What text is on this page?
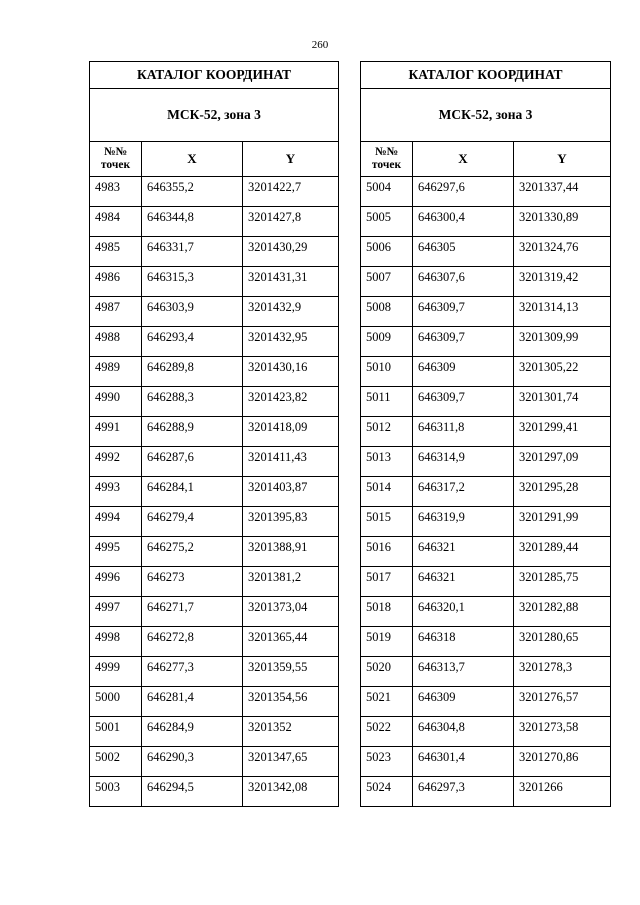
260
КАТАЛОГ КООРДИНАТ		
МСК-52, зона 3		
№№ точек	X	Y
4983	646355,2	3201422,7
4984	646344,8	3201427,8
4985	646331,7	3201430,29
4986	646315,3	3201431,31
4987	646303,9	3201432,9
4988	646293,4	3201432,95
4989	646289,8	3201430,16
4990	646288,3	3201423,82
4991	646288,9	3201418,09
4992	646287,6	3201411,43
4993	646284,1	3201403,87
4994	646279,4	3201395,83
4995	646275,2	3201388,91
4996	646273	3201381,2
4997	646271,7	3201373,04
4998	646272,8	3201365,44
4999	646277,3	3201359,55
5000	646281,4	3201354,56
5001	646284,9	3201352
5002	646290,3	3201347,65
5003	646294,5	3201342,08
КАТАЛОГ КООРДИНАТ		
МСК-52, зона 3		
№№ точек	X	Y
5004	646297,6	3201337,44
5005	646300,4	3201330,89
5006	646305	3201324,76
5007	646307,6	3201319,42
5008	646309,7	3201314,13
5009	646309,7	3201309,99
5010	646309	3201305,22
5011	646309,7	3201301,74
5012	646311,8	3201299,41
5013	646314,9	3201297,09
5014	646317,2	3201295,28
5015	646319,9	3201291,99
5016	646321	3201289,44
5017	646321	3201285,75
5018	646320,1	3201282,88
5019	646318	3201280,65
5020	646313,7	3201278,3
5021	646309	3201276,57
5022	646304,8	3201273,58
5023	646301,4	3201270,86
5024	646297,3	3201266
